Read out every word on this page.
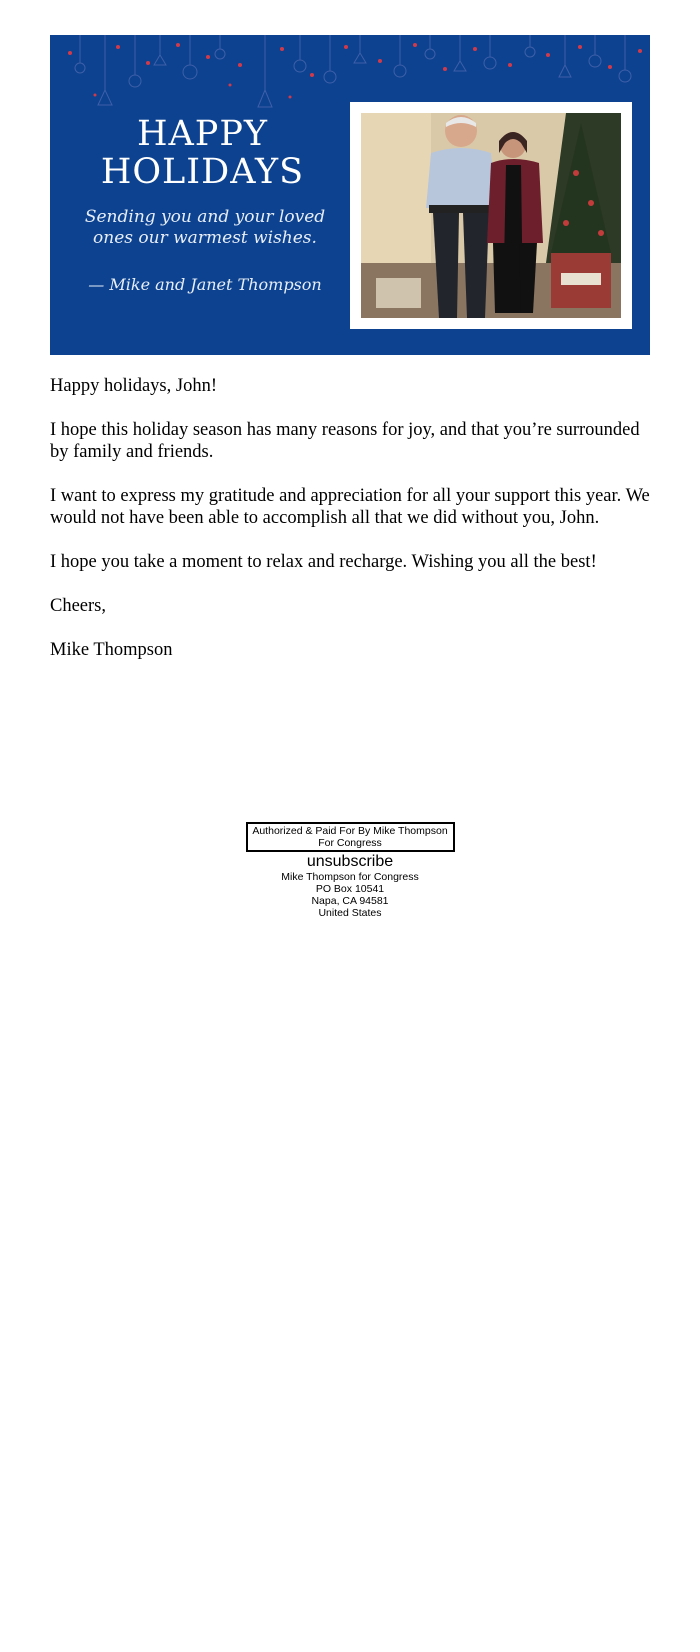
HAPPY
HOLIDAYS
Sending you and your loved
ones our warmest wishes.
— Mike and Janet Thompson

Happy holidays, John!

I hope this holiday season has many reasons for joy, and that you’re surrounded by family and friends.

I want to express my gratitude and appreciation for all your support this year. We would not have been able to accomplish all that we did without you, John.

I hope you take a moment to relax and recharge. Wishing you all the best!

Cheers,

Mike Thompson

Authorized & Paid For By Mike Thompson For Congress
unsubscribe
Mike Thompson for Congress
PO Box 10541
Napa, CA 94581
United States
